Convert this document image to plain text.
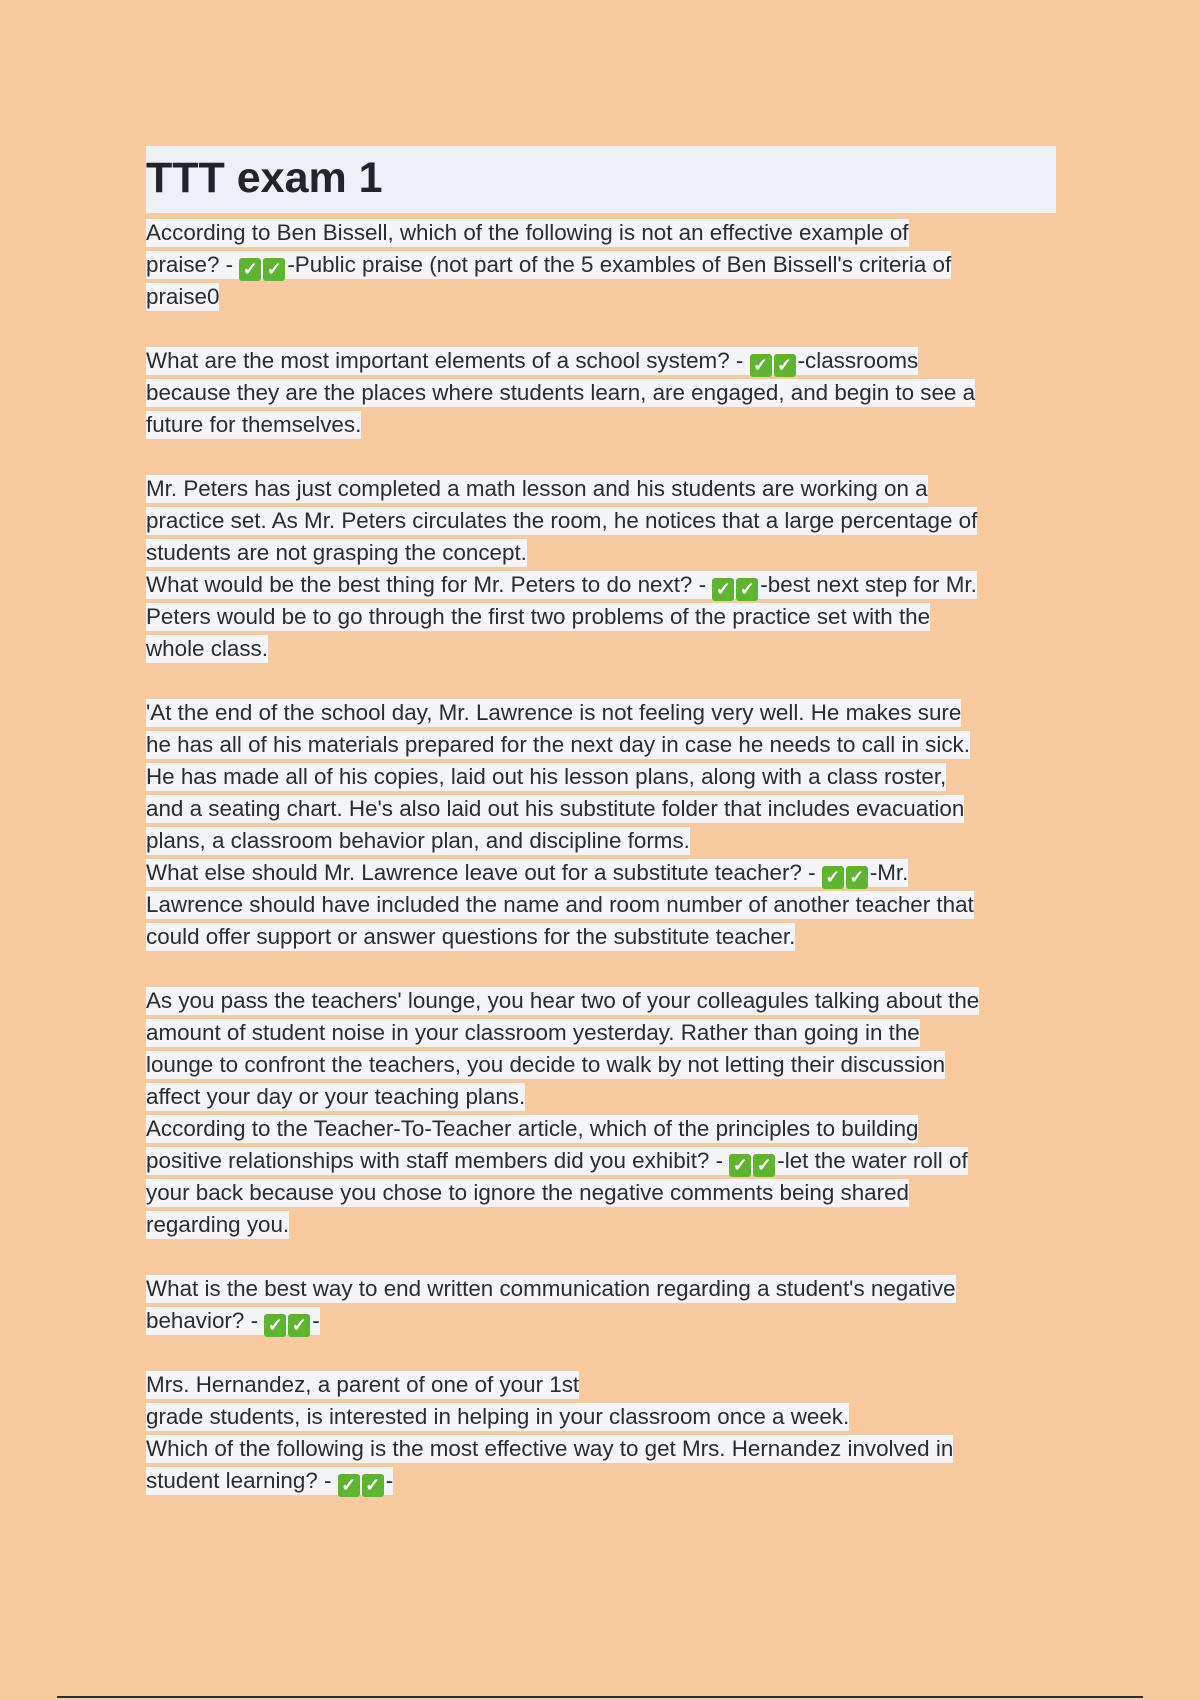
TTT exam 1
According to Ben Bissell, which of the following is not an effective example of
praise? - ✓ ✓ -Public praise (not part of the 5 exambles of Ben Bissell's criteria of
praise0
What are the most important elements of a school system? - ✓ ✓ -classrooms
because they are the places where students learn, are engaged, and begin to see a
future for themselves.
Mr. Peters has just completed a math lesson and his students are working on a
practice set. As Mr. Peters circulates the room, he notices that a large percentage of
students are not grasping the concept.
What would be the best thing for Mr. Peters to do next? - ✓ ✓ -best next step for Mr.
Peters would be to go through the first two problems of the practice set with the
whole class.
'At the end of the school day, Mr. Lawrence is not feeling very well. He makes sure
he has all of his materials prepared for the next day in case he needs to call in sick.
He has made all of his copies, laid out his lesson plans, along with a class roster,
and a seating chart. He's also laid out his substitute folder that includes evacuation
plans, a classroom behavior plan, and discipline forms.
What else should Mr. Lawrence leave out for a substitute teacher? - ✓ ✓ -Mr.
Lawrence should have included the name and room number of another teacher that
could offer support or answer questions for the substitute teacher.
As you pass the teachers' lounge, you hear two of your colleagules talking about the
amount of student noise in your classroom yesterday. Rather than going in the
lounge to confront the teachers, you decide to walk by not letting their discussion
affect your day or your teaching plans.
According to the Teacher-To-Teacher article, which of the principles to building
positive relationships with staff members did you exhibit? - ✓ ✓ -let the water roll of
your back because you chose to ignore the negative comments being shared
regarding you.
What is the best way to end written communication regarding a student's negative
behavior? - ✓ ✓ -
Mrs. Hernandez, a parent of one of your 1st
grade students, is interested in helping in your classroom once a week.
Which of the following is the most effective way to get Mrs. Hernandez involved in
student learning? - ✓ ✓ -
